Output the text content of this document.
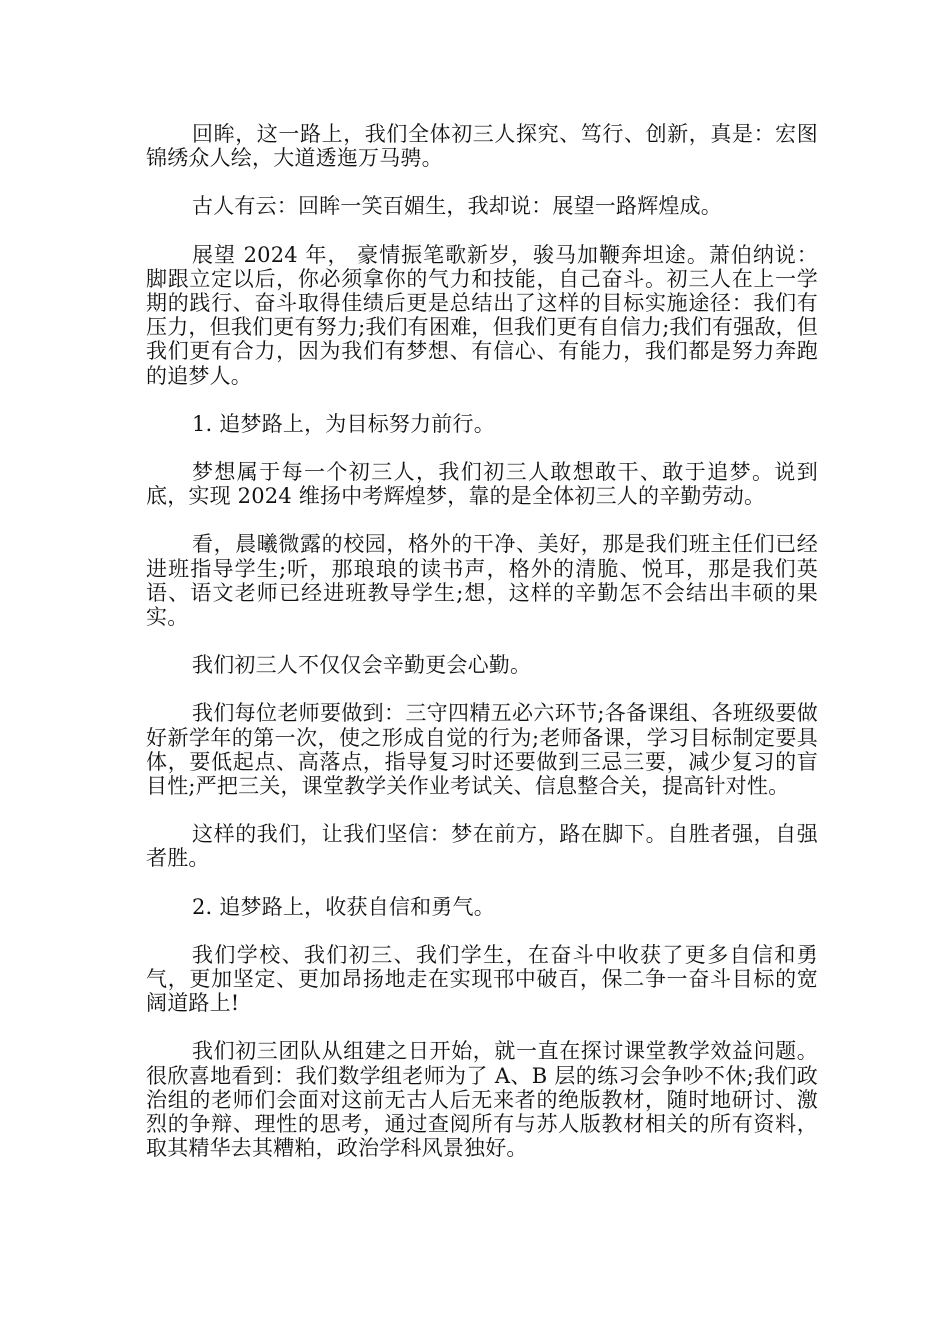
回眸，这一路上，我们全体初三人探究、笃行、创新，真是：宏图锦绣众人绘，大道透迤万马骋。

古人有云：回眸一笑百媚生，我却说：展望一路辉煌成。

展望 2024 年， 豪情振笔歌新岁，骏马加鞭奔坦途。萧伯纳说：脚跟立定以后，你必须拿你的气力和技能，自己奋斗。初三人在上一学期的践行、奋斗取得佳绩后更是总结出了这样的目标实施途径：我们有压力，但我们更有努力;我们有困难，但我们更有自信力;我们有强敌，但我们更有合力，因为我们有梦想、有信心、有能力，我们都是努力奔跑的追梦人。

1. 追梦路上，为目标努力前行。

梦想属于每一个初三人，我们初三人敢想敢干、敢于追梦。说到底，实现 2024 维扬中考辉煌梦，靠的是全体初三人的辛勤劳动。

看，晨曦微露的校园，格外的干净、美好，那是我们班主任们已经进班指导学生;听，那琅琅的读书声，格外的清脆、悦耳，那是我们英语、语文老师已经进班教导学生;想，这样的辛勤怎不会结出丰硕的果实。

我们初三人不仅仅会辛勤更会心勤。

我们每位老师要做到：三守四精五必六环节;各备课组、各班级要做好新学年的第一次，使之形成自觉的行为;老师备课，学习目标制定要具体，要低起点、高落点，指导复习时还要做到三忌三要，减少复习的盲目性;严把三关，课堂教学关作业考试关、信息整合关，提高针对性。

这样的我们，让我们坚信：梦在前方，路在脚下。自胜者强，自强者胜。

2. 追梦路上，收获自信和勇气。

我们学校、我们初三、我们学生，在奋斗中收获了更多自信和勇气，更加坚定、更加昂扬地走在实现邗中破百，保二争一奋斗目标的宽阔道路上!

我们初三团队从组建之日开始，就一直在探讨课堂教学效益问题。很欣喜地看到：我们数学组老师为了 A、B 层的练习会争吵不休;我们政治组的老师们会面对这前无古人后无来者的绝版教材，随时地研讨、激烈的争辩、理性的思考，通过查阅所有与苏人版教材相关的所有资料，取其精华去其糟粕，政治学科风景独好。
